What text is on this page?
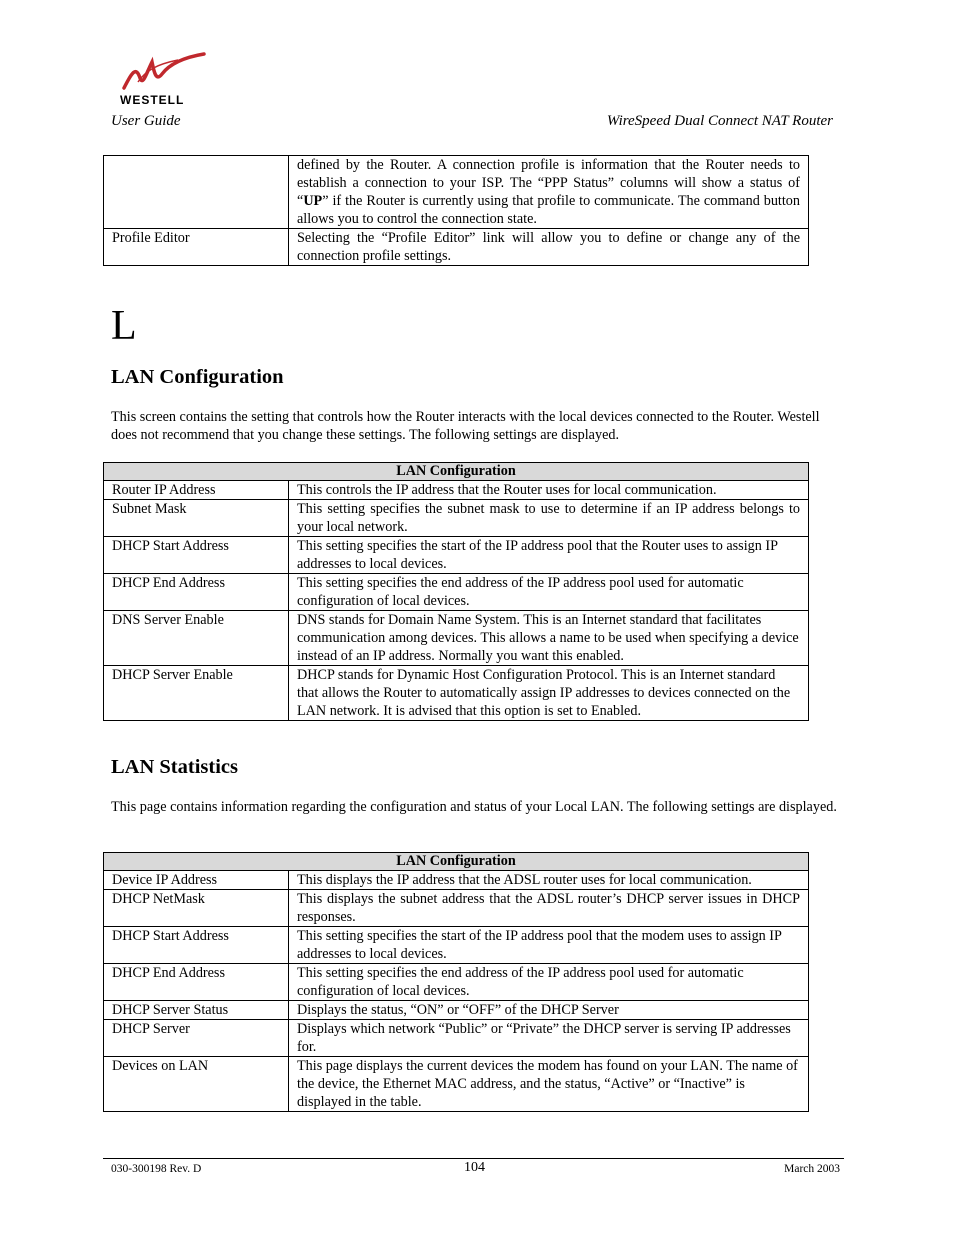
WESTELL
User Guide	WireSpeed Dual Connect NAT Router
	defined by the Router. A connection profile is information that the Router needs to establish a connection to your ISP. The “PPP Status” columns will show a status of “UP” if the Router is currently using that profile to communicate. The command button allows you to control the connection state.
Profile Editor	Selecting the “Profile Editor” link will allow you to define or change any of the connection profile settings.
L
LAN Configuration

This screen contains the setting that controls how the Router interacts with the local devices connected to the Router. Westell does not recommend that you change these settings. The following settings are displayed.

LAN Configuration	
Router IP Address	This controls the IP address that the Router uses for local communication.
Subnet Mask	This setting specifies the subnet mask to use to determine if an IP address belongs to your local network.
DHCP Start Address	This setting specifies the start of the IP address pool that the Router uses to assign IP addresses to local devices.
DHCP End Address	This setting specifies the end address of the IP address pool used for automatic configuration of local devices.
DNS Server Enable	DNS stands for Domain Name System. This is an Internet standard that facilitates communication among devices. This allows a name to be used when specifying a device instead of an IP address. Normally you want this enabled.
DHCP Server Enable	DHCP stands for Dynamic Host Configuration Protocol. This is an Internet standard that allows the Router to automatically assign IP addresses to devices connected on the LAN network. It is advised that this option is set to Enabled.
LAN Statistics

This page contains information regarding the configuration and status of your Local LAN. The following settings are displayed.

LAN Configuration	
Device IP Address	This displays the IP address that the ADSL router uses for local communication.
DHCP NetMask	This displays the subnet address that the ADSL router’s DHCP server issues in DHCP responses.
DHCP Start Address	This setting specifies the start of the IP address pool that the modem uses to assign IP addresses to local devices.
DHCP End Address	This setting specifies the end address of the IP address pool used for automatic configuration of local devices.
DHCP Server Status	Displays the status, “ON” or “OFF” of the DHCP Server
DHCP Server	Displays which network “Public” or “Private” the DHCP server is serving IP addresses for.
Devices on LAN	This page displays the current devices the modem has found on your LAN. The name of the device, the Ethernet MAC address, and the status, “Active” or “Inactive” is displayed in the table.
030-300198 Rev. D	104	March 2003
